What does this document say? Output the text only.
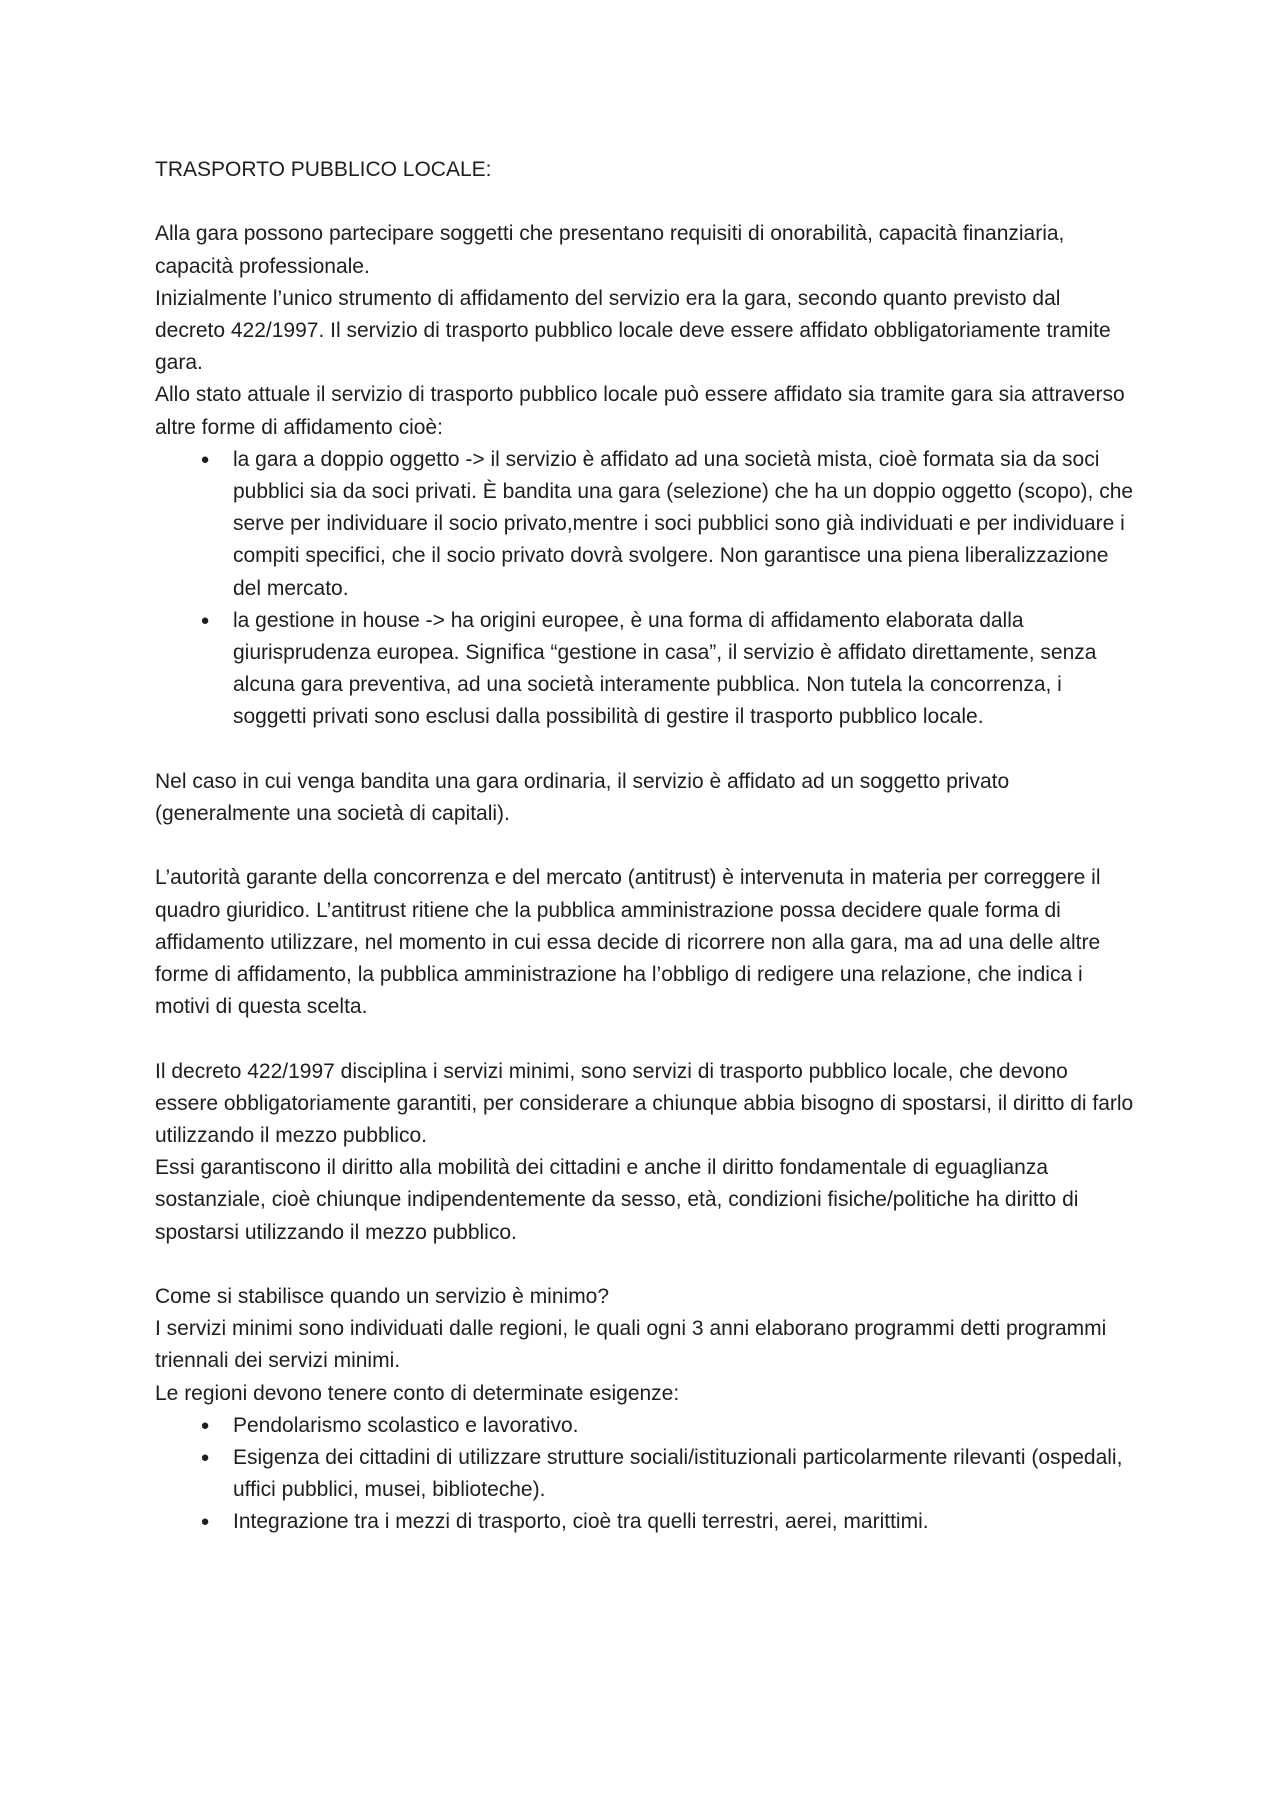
TRASPORTO PUBBLICO LOCALE:

Alla gara possono partecipare soggetti che presentano requisiti di onorabilità, capacità finanziaria, capacità professionale.

Inizialmente l’unico strumento di affidamento del servizio era la gara, secondo quanto previsto dal decreto 422/1997. Il servizio di trasporto pubblico locale deve essere affidato obbligatoriamente tramite gara.

Allo stato attuale il servizio di trasporto pubblico locale può essere affidato sia tramite gara sia attraverso altre forme di affidamento cioè:

● la gara a doppio oggetto -> il servizio è affidato ad una società mista, cioè formata sia da soci pubblici sia da soci privati. È bandita una gara (selezione) che ha un doppio oggetto (scopo), che serve per individuare il socio privato,mentre i soci pubblici sono già individuati e per individuare i compiti specifici, che il socio privato dovrà svolgere. Non garantisce una piena liberalizzazione del mercato.
● la gestione in house -> ha origini europee, è una forma di affidamento elaborata dalla giurisprudenza europea. Significa “gestione in casa”, il servizio è affidato direttamente, senza alcuna gara preventiva, ad una società interamente pubblica. Non tutela la concorrenza, i soggetti privati sono esclusi dalla possibilità di gestire il trasporto pubblico locale.

Nel caso in cui venga bandita una gara ordinaria, il servizio è affidato ad un soggetto privato (generalmente una società di capitali).

L’autorità garante della concorrenza e del mercato (antitrust) è intervenuta in materia per correggere il quadro giuridico. L’antitrust ritiene che la pubblica amministrazione possa decidere quale forma di affidamento utilizzare, nel momento in cui essa decide di ricorrere non alla gara, ma ad una delle altre forme di affidamento, la pubblica amministrazione ha l’obbligo di redigere una relazione, che indica i motivi di questa scelta.

Il decreto 422/1997 disciplina i servizi minimi, sono servizi di trasporto pubblico locale, che devono essere obbligatoriamente garantiti, per considerare a chiunque abbia bisogno di spostarsi, il diritto di farlo utilizzando il mezzo pubblico.

Essi garantiscono il diritto alla mobilità dei cittadini e anche il diritto fondamentale di eguaglianza sostanziale, cioè chiunque indipendentemente da sesso, età, condizioni fisiche/politiche ha diritto di spostarsi utilizzando il mezzo pubblico.

Come si stabilisce quando un servizio è minimo?

I servizi minimi sono individuati dalle regioni, le quali ogni 3 anni elaborano programmi detti programmi triennali dei servizi minimi.

Le regioni devono tenere conto di determinate esigenze:

● Pendolarismo scolastico e lavorativo.
● Esigenza dei cittadini di utilizzare strutture sociali/istituzionali particolarmente rilevanti (ospedali, uffici pubblici, musei, biblioteche).
● Integrazione tra i mezzi di trasporto, cioè tra quelli terrestri, aerei, marittimi.
